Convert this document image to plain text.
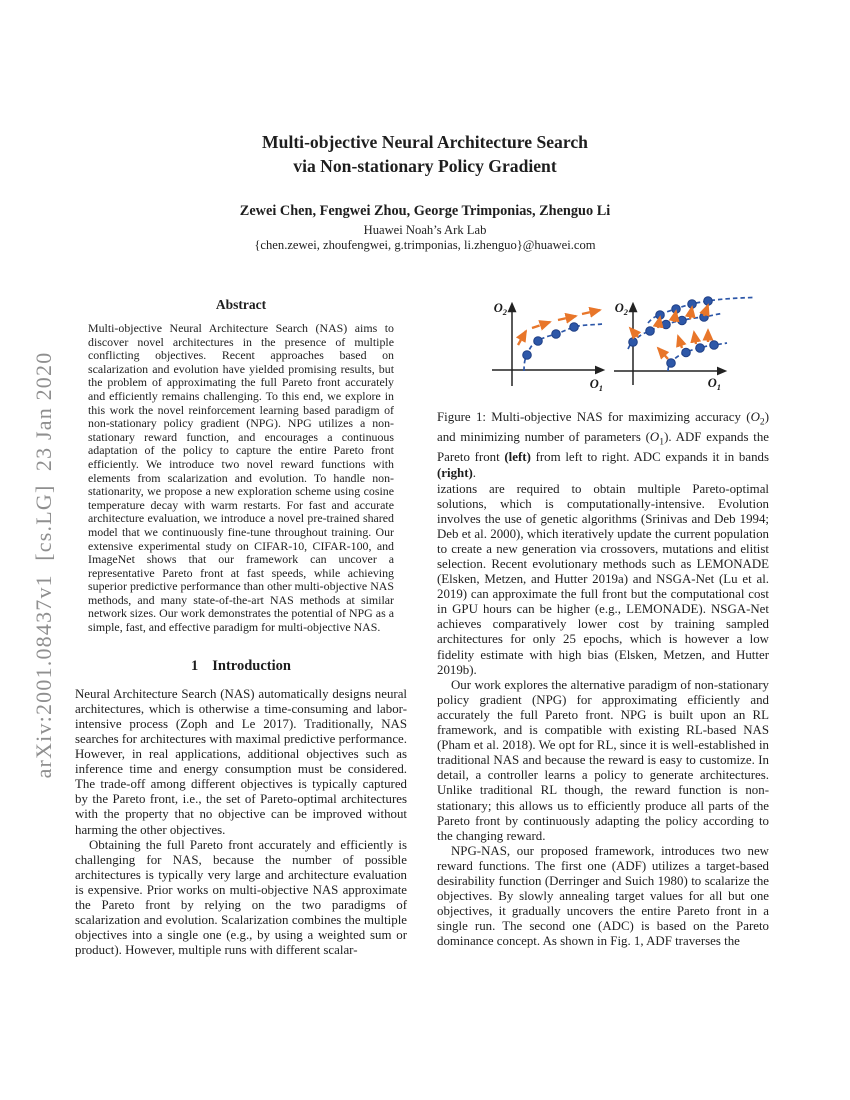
arXiv:2001.08437v1  [cs.LG]  23 Jan 2020
Multi-objective Neural Architecture Search
via Non-stationary Policy Gradient
Zewei Chen, Fengwei Zhou, George Trimponias, Zhenguo Li
Huawei Noah’s Ark Lab
{chen.zewei, zhoufengwei, g.trimponias, li.zhenguo}@huawei.com
Abstract

Multi-objective Neural Architecture Search (NAS) aims to discover novel architectures in the presence of multiple conflicting objectives. Recent approaches based on scalarization and evolution have yielded promising results, but the problem of approximating the full Pareto front accurately and efficiently remains challenging. To this end, we explore in this work the novel reinforcement learning based paradigm of non-stationary policy gradient (NPG). NPG utilizes a non-stationary reward function, and encourages a continuous adaptation of the policy to capture the entire Pareto front efficiently. We introduce two novel reward functions with elements from scalarization and evolution. To handle non-stationarity, we propose a new exploration scheme using cosine temperature decay with warm restarts. For fast and accurate architecture evaluation, we introduce a novel pre-trained shared model that we continuously fine-tune throughout training. Our extensive experimental study on CIFAR-10, CIFAR-100, and ImageNet shows that our framework can uncover a representative Pareto front at fast speeds, while achieving superior predictive performance than other multi-objective NAS methods, and many state-of-the-art NAS methods at similar network sizes. Our work demonstrates the potential of NPG as a simple, fast, and effective paradigm for multi-objective NAS.

1 Introduction

Neural Architecture Search (NAS) automatically designs neural architectures, which is otherwise a time-consuming and labor-intensive process (Zoph and Le 2017). Traditionally, NAS searches for architectures with maximal predictive performance. However, in real applications, additional objectives such as inference time and energy consumption must be considered. The trade-off among different objectives is typically captured by the Pareto front, i.e., the set of Pareto-optimal architectures with the property that no objective can be improved without harming the other objectives.

Obtaining the full Pareto front accurately and efficiently is challenging for NAS, because the number of possible architectures is typically very large and architecture evaluation is expensive. Prior works on multi-objective NAS approximate the Pareto front by relying on the two paradigms of scalarization and evolution. Scalarization combines the multiple objectives into a single one (e.g., by using a weighted sum or product). However, multiple runs with different scalar-

$O_2$
$O_1$
$O_2$
$O_1$
Figure 1: Multi-objective NAS for maximizing accuracy $(O_2)$ and minimizing number of parameters $(O_1)$. ADF expands the Pareto front (left) from left to right. ADC expands it in bands (right).

izations are required to obtain multiple Pareto-optimal solutions, which is computationally-intensive. Evolution involves the use of genetic algorithms (Srinivas and Deb 1994; Deb et al. 2000), which iteratively update the current population to create a new generation via crossovers, mutations and elitist selection. Recent evolutionary methods such as LEMONADE (Elsken, Metzen, and Hutter 2019a) and NSGA-Net (Lu et al. 2019) can approximate the full front but the computational cost in GPU hours can be higher (e.g., LEMONADE). NSGA-Net achieves comparatively lower cost by training sampled architectures for only 25 epochs, which is however a low fidelity estimate with high bias (Elsken, Metzen, and Hutter 2019b).

Our work explores the alternative paradigm of non-stationary policy gradient (NPG) for approximating efficiently and accurately the full Pareto front. NPG is built upon an RL framework, and is compatible with existing RL-based NAS (Pham et al. 2018). We opt for RL, since it is well-established in traditional NAS and because the reward is easy to customize. In detail, a controller learns a policy to generate architectures. Unlike traditional RL though, the reward function is non-stationary; this allows us to efficiently produce all parts of the Pareto front by continuously adapting the policy according to the changing reward.

NPG-NAS, our proposed framework, introduces two new reward functions. The first one (ADF) utilizes a target-based desirability function (Derringer and Suich 1980) to scalarize the objectives. By slowly annealing target values for all but one objectives, it gradually uncovers the entire Pareto front in a single run. The second one (ADC) is based on the Pareto dominance concept. As shown in Fig. 1, ADF traverses the
